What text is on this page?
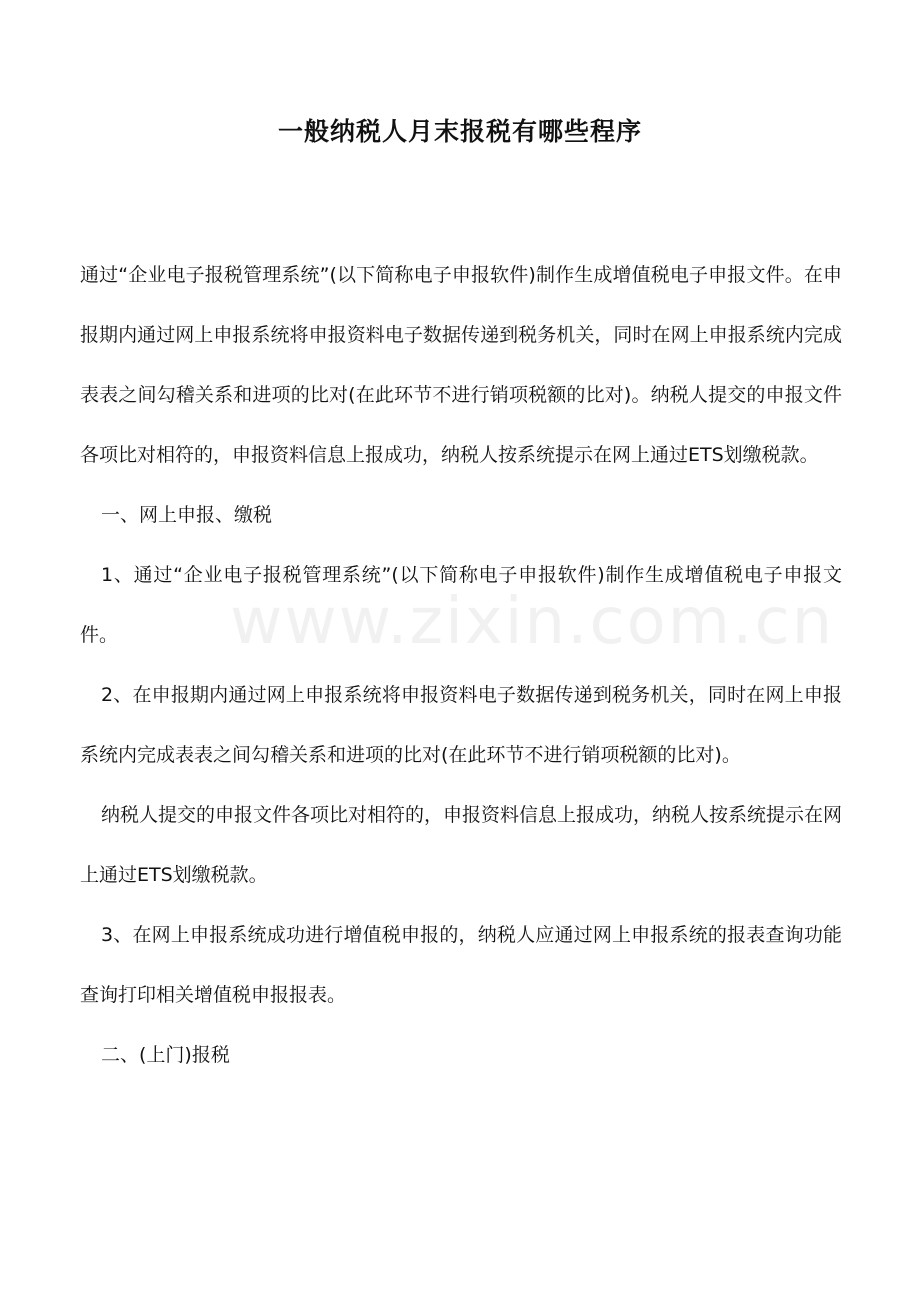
一般纳税人月末报税有哪些程序
www.zixin.com.cn

通过“企业电子报税管理系统”(以下简称电子申报软件)制作生成增值税电子申报文件。在申报期内通过网上申报系统将申报资料电子数据传递到税务机关，同时在网上申报系统内完成表表之间勾稽关系和进项的比对(在此环节不进行销项税额的比对)。纳税人提交的申报文件各项比对相符的，申报资料信息上报成功，纳税人按系统提示在网上通过ETS划缴税款。

一、网上申报、缴税

1、通过“企业电子报税管理系统”(以下简称电子申报软件)制作生成增值税电子申报文件。

2、在申报期内通过网上申报系统将申报资料电子数据传递到税务机关，同时在网上申报系统内完成表表之间勾稽关系和进项的比对(在此环节不进行销项税额的比对)。

纳税人提交的申报文件各项比对相符的，申报资料信息上报成功，纳税人按系统提示在网上通过ETS划缴税款。

3、在网上申报系统成功进行增值税申报的，纳税人应通过网上申报系统的报表查询功能查询打印相关增值税申报报表。

二、(上门)报税
